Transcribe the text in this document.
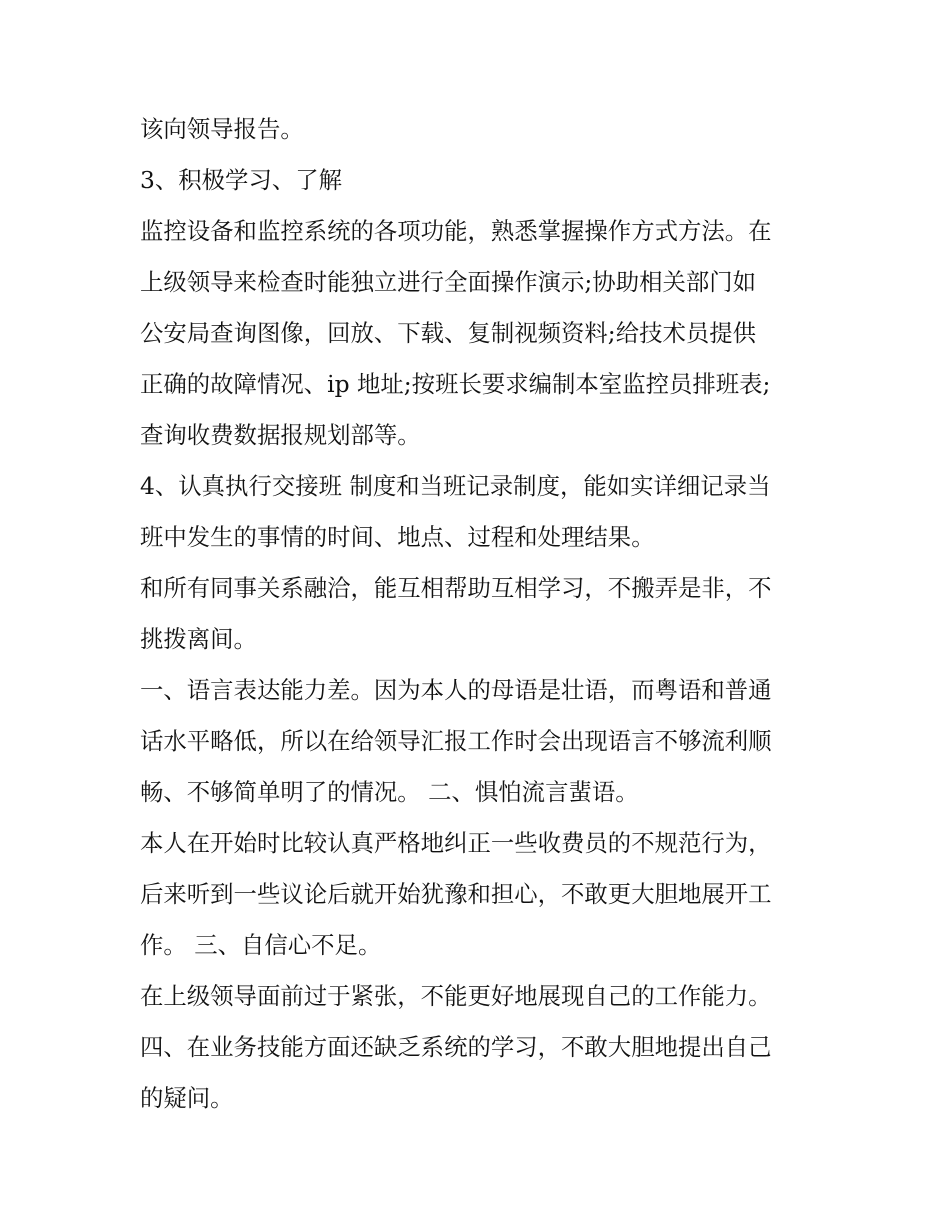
该向领导报告。
3、积极学习、了解
监控设备和监控系统的各项功能，熟悉掌握操作方式方法。在
上级领导来检查时能独立进行全面操作演示;协助相关部门如
公安局查询图像，回放、下载、复制视频资料;给技术员提供
正确的故障情况、ip 地址;按班长要求编制本室监控员排班表;
查询收费数据报规划部等。
4、认真执行交接班 制度和当班记录制度，能如实详细记录当
班中发生的事情的时间、地点、过程和处理结果。
和所有同事关系融洽，能互相帮助互相学习，不搬弄是非，不
挑拨离间。
一、语言表达能力差。因为本人的母语是壮语，而粤语和普通
话水平略低，所以在给领导汇报工作时会出现语言不够流利顺
畅、不够简单明了的情况。 二、惧怕流言蜚语。
本人在开始时比较认真严格地纠正一些收费员的不规范行为，
后来听到一些议论后就开始犹豫和担心，不敢更大胆地展开工
作。 三、自信心不足。
在上级领导面前过于紧张，不能更好地展现自己的工作能力。
四、在业务技能方面还缺乏系统的学习，不敢大胆地提出自己
的疑问。
